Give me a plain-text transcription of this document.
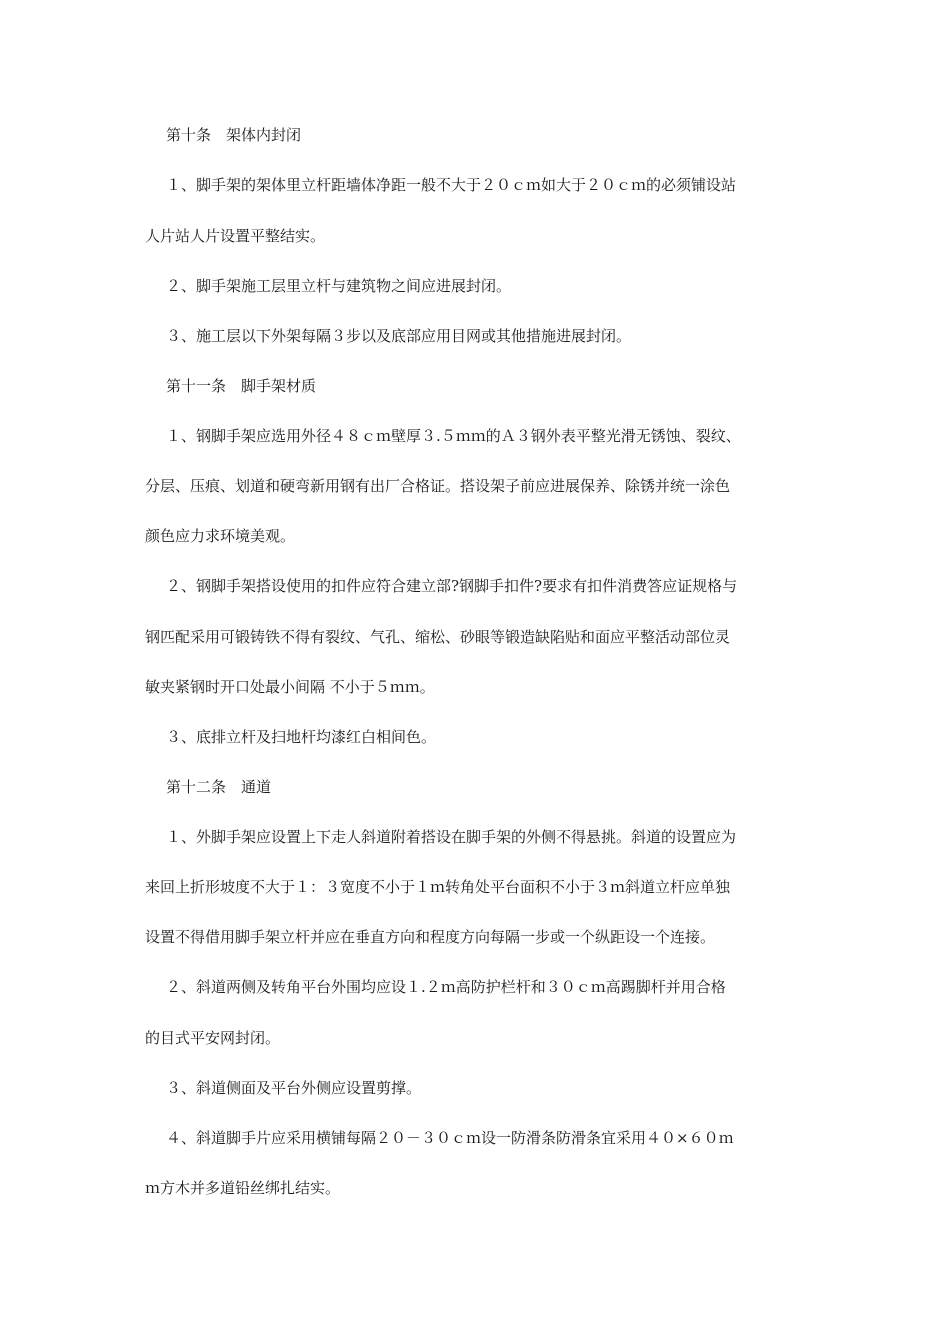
第十条　架体内封闭
１、脚手架的架体里立杆距墙体净距一般不大于２０ｃｍ如大于２０ｃｍ的必须铺设站
人片站人片设置平整结实。
２、脚手架施工层里立杆与建筑物之间应进展封闭。
３、施工层以下外架每隔３步以及底部应用目网或其他措施进展封闭。
第十一条　脚手架材质
１、钢脚手架应选用外径４８ｃｍ壁厚３.５ｍｍ的Ａ３钢外表平整光滑无锈蚀、裂纹、
分层、压痕、划道和硬弯新用钢有出厂合格证。搭设架子前应进展保养、除锈并统一涂色
颜色应力求环境美观。
２、钢脚手架搭设使用的扣件应符合建立部?钢脚手扣件?要求有扣件消费答应证规格与
钢匹配采用可锻铸铁不得有裂纹、气孔、缩松、砂眼等锻造缺陷贴和面应平整活动部位灵
敏夹紧钢时开口处最小间隔 不小于５ｍｍ。
３、底排立杆及扫地杆均漆红白相间色。
第十二条　通道
１、外脚手架应设置上下走人斜道附着搭设在脚手架的外侧不得悬挑。斜道的设置应为
来回上折形坡度不大于１：３宽度不小于１ｍ转角处平台面积不小于３ｍ斜道立杆应单独
设置不得借用脚手架立杆并应在垂直方向和程度方向每隔一步或一个纵距设一个连接。
２、斜道两侧及转角平台外围均应设１.２ｍ高防护栏杆和３０ｃｍ高踢脚杆并用合格
的目式平安网封闭。
３、斜道侧面及平台外侧应设置剪撑。
４、斜道脚手片应采用横铺每隔２０－３０ｃｍ设一防滑条防滑条宜采用４０×６０ｍ
ｍ方木并多道铅丝绑扎结实。
